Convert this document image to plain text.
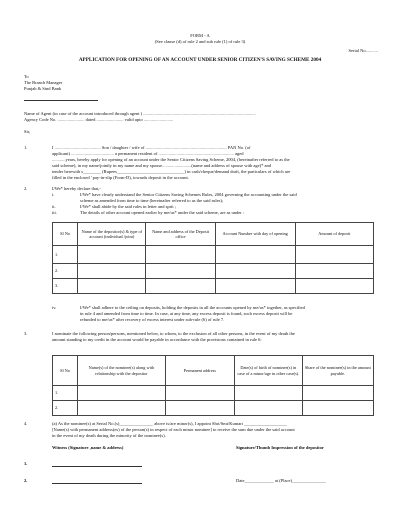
FORM - A
(See clause (d) of rule 2 and sub rule (1) of rule 3)
Serial No...........
APPLICATION FOR OPENING OF AN ACCOUNT UNDER SENIOR CITIZEN'S SAVING SCHEME 2004
To
The Branch Manager
Punjab & Sind Bank
Name of Agent (in case of the account introduced through agent ) ....................................................................................................
Agency Code No. ........................ dated ........................ valid upto ..........................
Sir,
1.	I ......................................... Son / daughter / wife of ........................................................................ PAN No. (of
applicant) ...................................... a permanent resident of ................................................................... aged
............years, hereby apply for opening of an account under the Senior Citizens Saving Scheme, 2004, (hereinafter referred to as the
said scheme), in my name/jointly in my name and my spouse..........................(name and address of spouse with age)* and
tender herewith s________ (Rupees______________________________) in cash/cheque/demand draft, the particulars of which are
filled in the enclosed ' pay-in-slip (Form-D), towards deposit in the account.
2.	I/We* hereby declare that,-
i.	I/We* have clearly understand the Senior Citizens Saving Schemes Rules, 2004 governing the accounting under the said
scheme as amended from time to time (hereinafter referred to as the said rules);
ii.	I/We* shall abide by the said rules in letter and sprit ;
iii.	The details of other account opened earlier by me/us* under the said scheme, are as under :
Sl No	Name of the depositor(s) & type of account (individual /joint)	Name and address of the Deposit office	Account Number with day of opening	Amount of deposit
1.				
2.				
3.				
iv.	I/We* shall adhere to the ceiling on deposits, holding the deposits in all the accounts opened by me/us* together, as specified
in rule 4 and amended from time to time. In case, at any time, any excess deposit is found, such excess deposit will be
refunded to me/us* after recovery of excess interest under sub-rule (6) of rule 7.
3.	I nominate the following person/persons, mentioned below, to whom, to the exclusion of all other persons, in the event of my death the
amount standing to my credit in the account would be payable in accordance with the provisions contained in rule 6:
Sl No	Name(s) of the nominee(s) along with relationship with the depositor	Permanent address	Date(s) of birth of nominee(s) in case of a minor/age in other case(s).	Share of the nominee(s) in the amount payable.
1.				
2.				
4.	(a) As the nominee(s) at Serial No.(s)_______________ above is/are minor(s), I appoint Shri/Smt/Kumari ___________________
[Name(s) with permanent address(es) of the person(s) in respect of each minor nominee] to receive the sum due under the said account
in the event of my death during the minority of the nominee(s).
Witness (Signature ,name & address)	Signature/Thumb Impression of the depositor
1.
2.	Date_____________ at (Place)_______________
